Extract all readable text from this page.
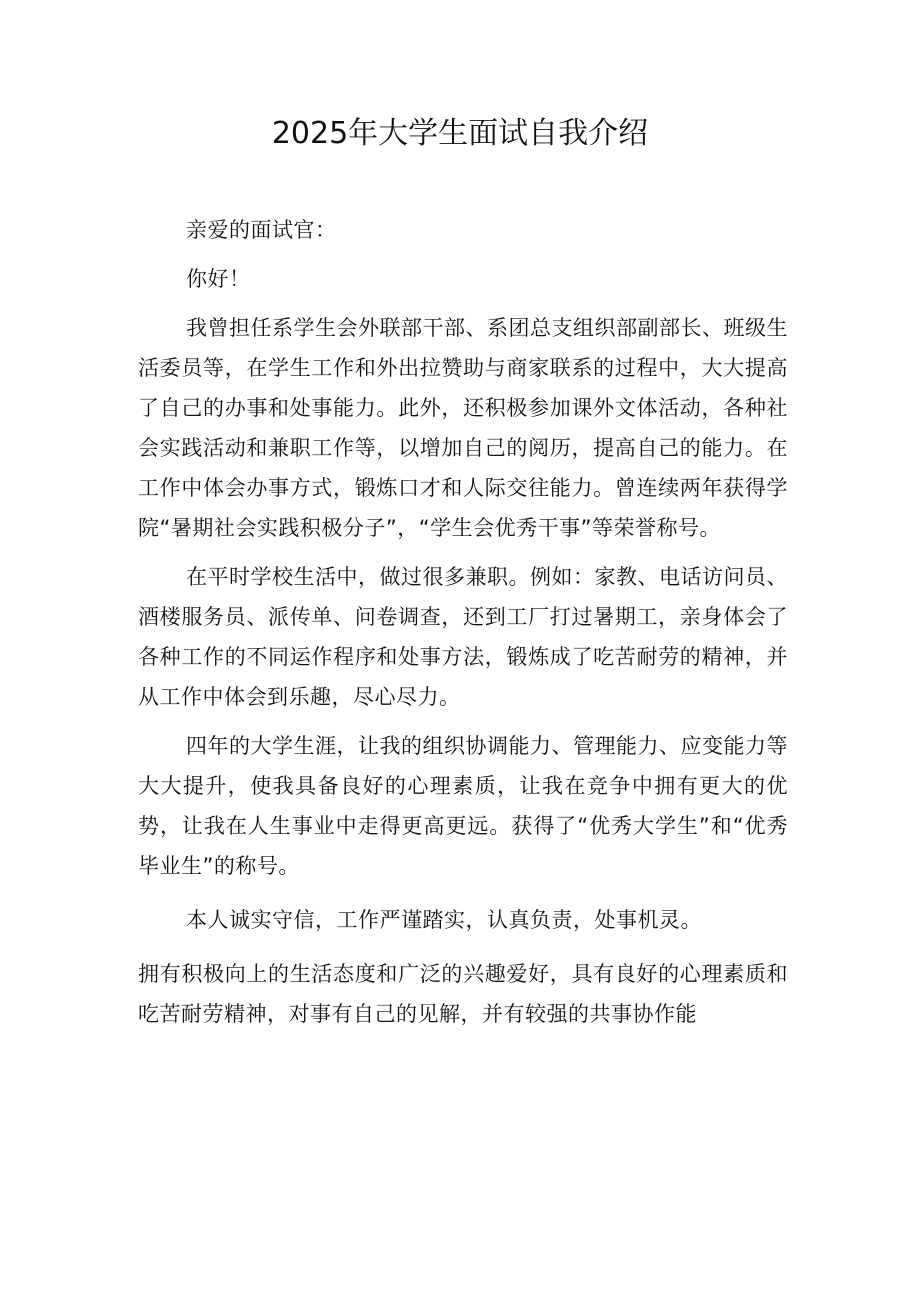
2025年大学生面试自我介绍

亲爱的面试官：

你好！

我曾担任系学生会外联部干部、系团总支组织部副部长、班级生活委员等，在学生工作和外出拉赞助与商家联系的过程中，大大提高了自己的办事和处事能力。此外，还积极参加课外文体活动，各种社会实践活动和兼职工作等，以增加自己的阅历，提高自己的能力。在工作中体会办事方式，锻炼口才和人际交往能力。曾连续两年获得学院“暑期社会实践积极分子”，“学生会优秀干事”等荣誉称号。

在平时学校生活中，做过很多兼职。例如：家教、电话访问员、酒楼服务员、派传单、问卷调查，还到工厂打过暑期工，亲身体会了各种工作的不同运作程序和处事方法，锻炼成了吃苦耐劳的精神，并从工作中体会到乐趣，尽心尽力。

四年的大学生涯，让我的组织协调能力、管理能力、应变能力等大大提升，使我具备良好的心理素质，让我在竞争中拥有更大的优势，让我在人生事业中走得更高更远。获得了“优秀大学生”和“优秀毕业生”的称号。

本人诚实守信，工作严谨踏实，认真负责，处事机灵。

拥有积极向上的生活态度和广泛的兴趣爱好，具有良好的心理素质和吃苦耐劳精神，对事有自己的见解，并有较强的共事协作能
